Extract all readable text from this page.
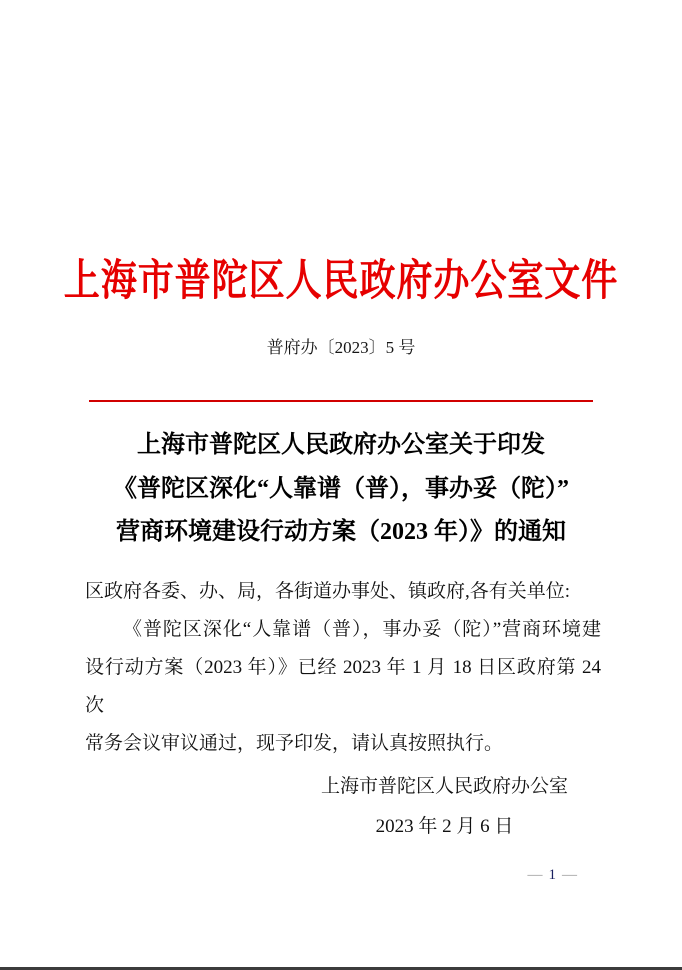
上海市普陀区人民政府办公室文件
普府办〔2023〕5 号
上海市普陀区人民政府办公室关于印发
《普陀区深化“人靠谱（普），事办妥（陀）”
营商环境建设行动方案（2023 年）》的通知
区政府各委、办、局，各街道办事处、镇政府,各有关单位:
《普陀区深化“人靠谱（普），事办妥（陀）”营商环境建
设行动方案（2023 年）》已经 2023 年 1 月 18 日区政府第 24 次
常务会议审议通过，现予印发，请认真按照执行。
上海市普陀区人民政府办公室
2023 年 2 月 6 日
— 1 —
